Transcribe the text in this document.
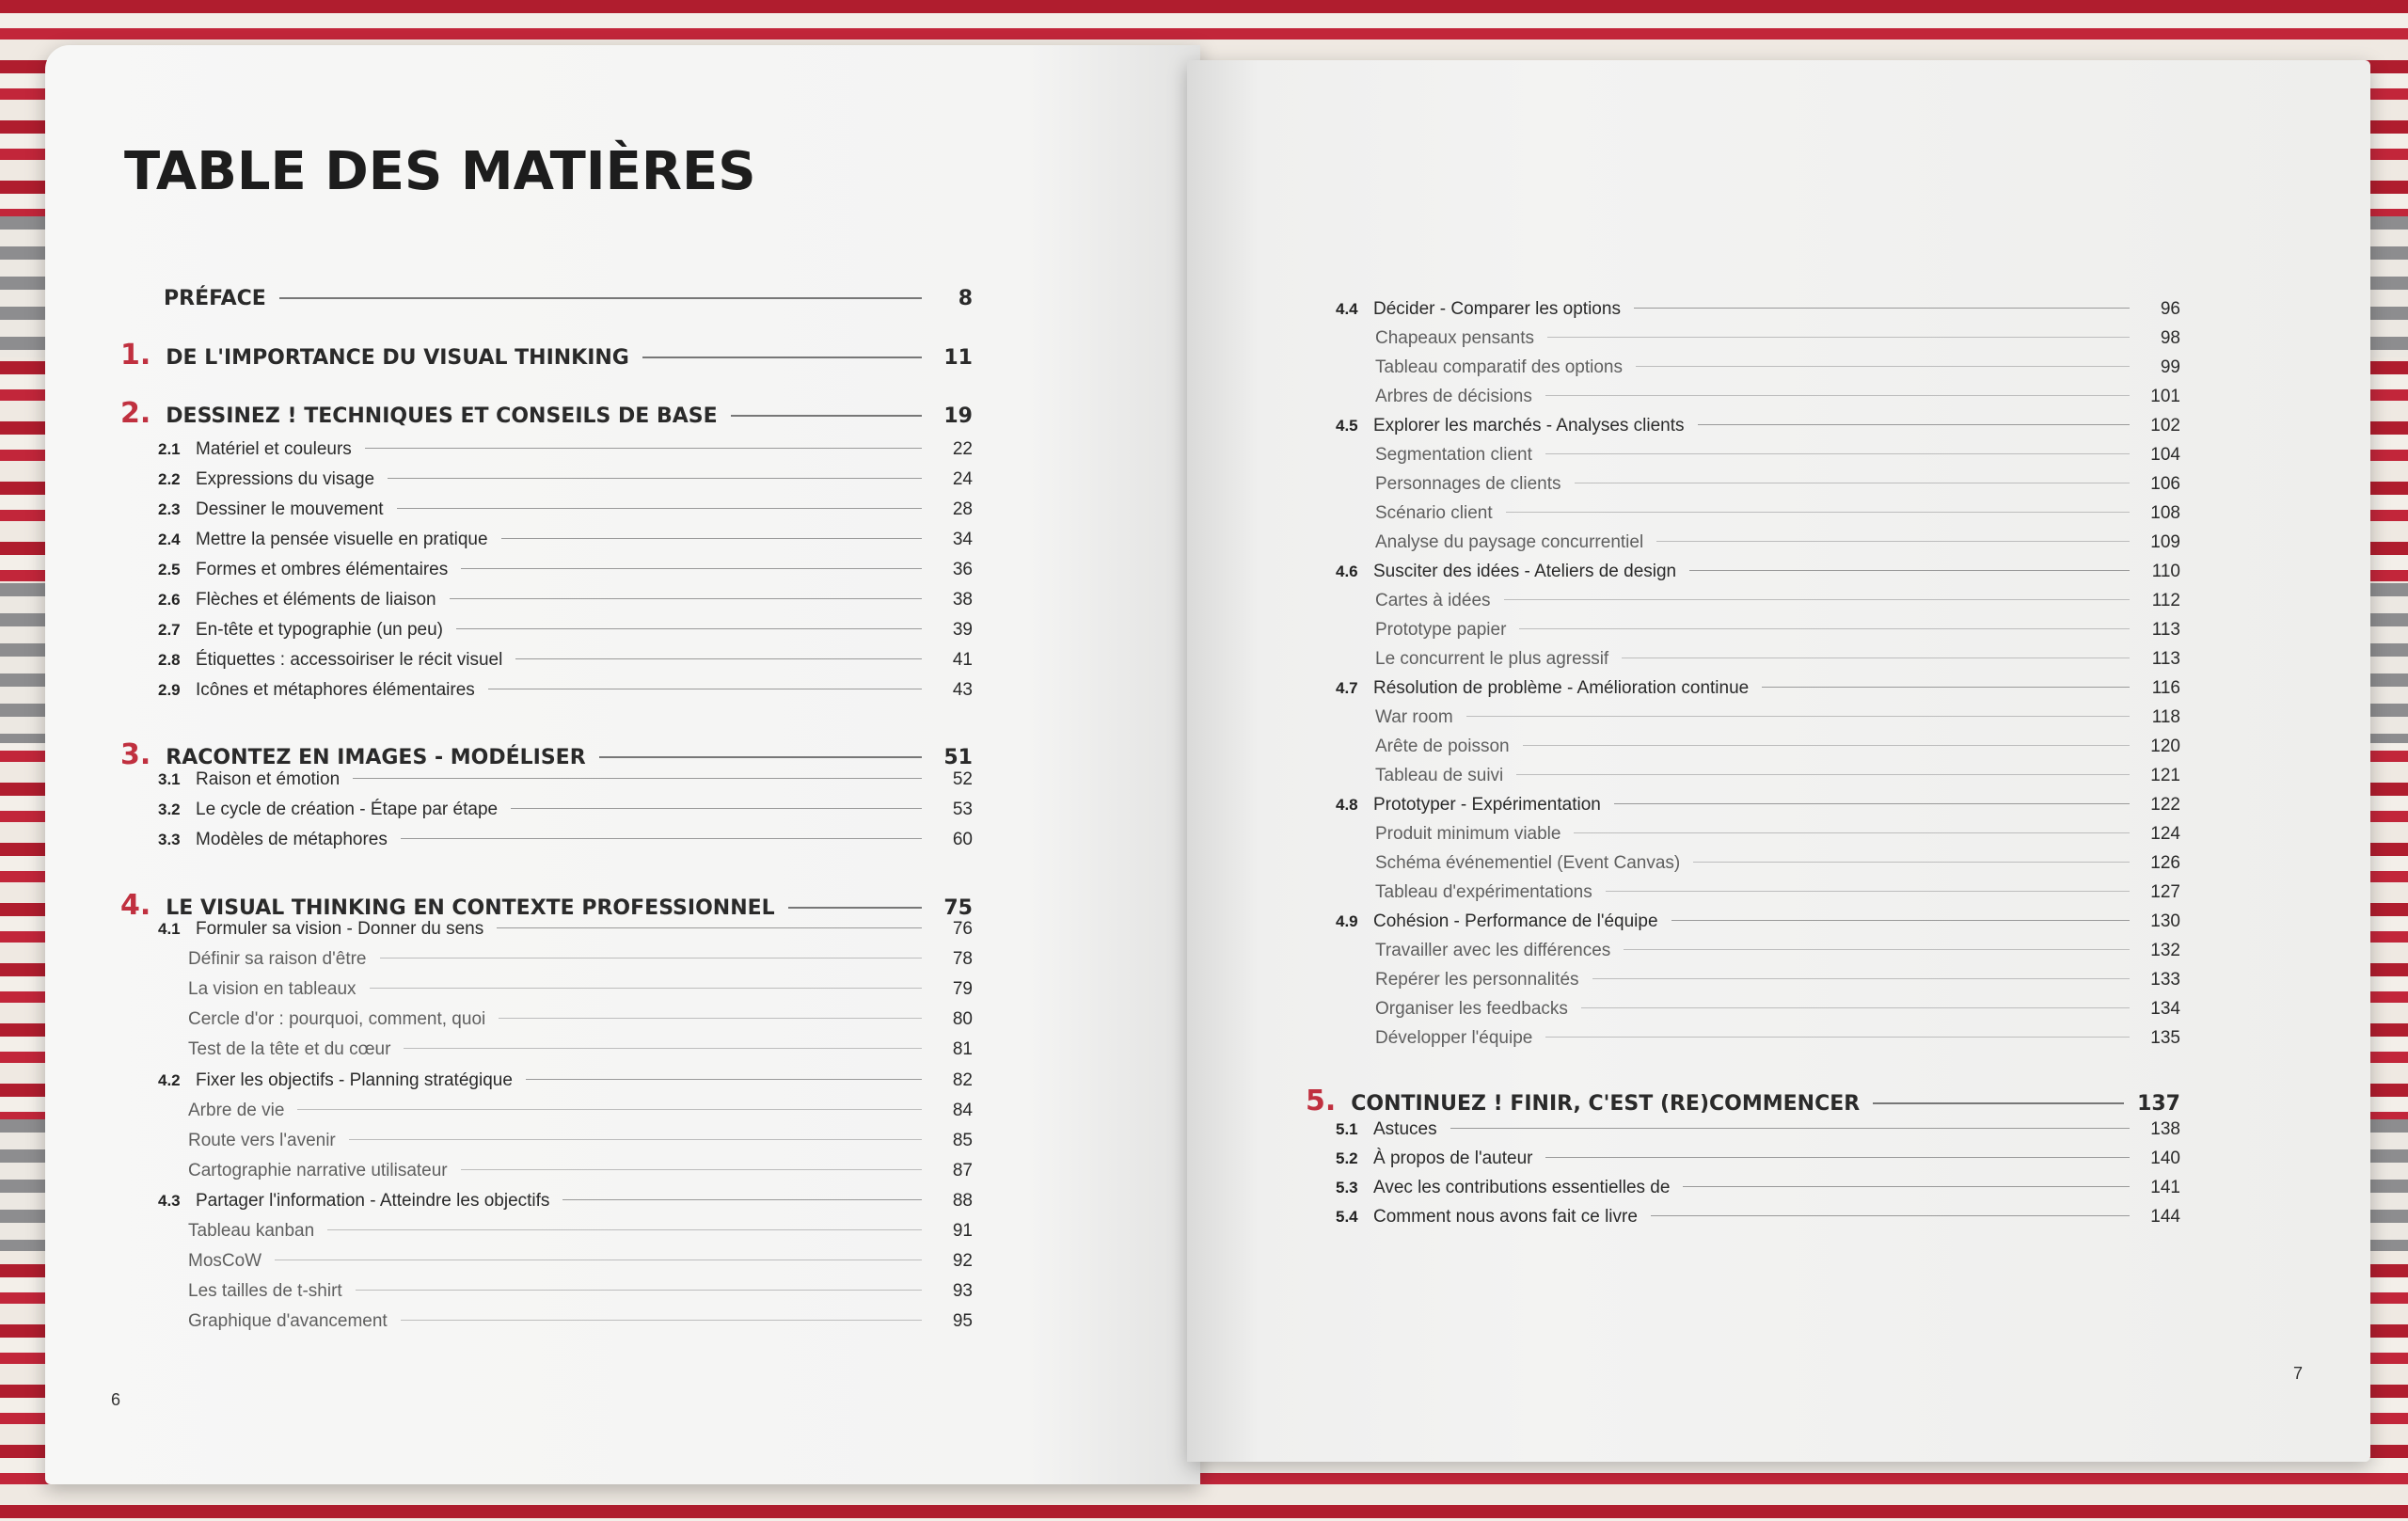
TABLE DES MATIÈRES
PRÉFACE	8
1. DE L'IMPORTANCE DU VISUAL THINKING	11
2. DESSINEZ ! TECHNIQUES ET CONSEILS DE BASE	19
2.1 Matériel et couleurs	22
2.2 Expressions du visage	24
2.3 Dessiner le mouvement	28
2.4 Mettre la pensée visuelle en pratique	34
2.5 Formes et ombres élémentaires	36
2.6 Flèches et éléments de liaison	38
2.7 En-tête et typographie (un peu)	39
2.8 Étiquettes : accessoiriser le récit visuel	41
2.9 Icônes et métaphores élémentaires	43
3. RACONTEZ EN IMAGES - MODÉLISER	51
3.1 Raison et émotion	52
3.2 Le cycle de création - Étape par étape	53
3.3 Modèles de métaphores	60
4. LE VISUAL THINKING EN CONTEXTE PROFESSIONNEL	75
4.1 Formuler sa vision - Donner du sens	76
Définir sa raison d'être	78
La vision en tableaux	79
Cercle d'or : pourquoi, comment, quoi	80
Test de la tête et du cœur	81
4.2 Fixer les objectifs - Planning stratégique	82
Arbre de vie	84
Route vers l'avenir	85
Cartographie narrative utilisateur	87
4.3 Partager l'information - Atteindre les objectifs	88
Tableau kanban	91
MosCoW	92
Les tailles de t-shirt	93
Graphique d'avancement	95
4.4 Décider - Comparer les options	96
Chapeaux pensants	98
Tableau comparatif des options	99
Arbres de décisions	101
4.5 Explorer les marchés - Analyses clients	102
Segmentation client	104
Personnages de clients	106
Scénario client	108
Analyse du paysage concurrentiel	109
4.6 Susciter des idées - Ateliers de design	110
Cartes à idées	112
Prototype papier	113
Le concurrent le plus agressif	113
4.7 Résolution de problème - Amélioration continue	116
War room	118
Arête de poisson	120
Tableau de suivi	121
4.8 Prototyper - Expérimentation	122
Produit minimum viable	124
Schéma événementiel (Event Canvas)	126
Tableau d'expérimentations	127
4.9 Cohésion - Performance de l'équipe	130
Travailler avec les différences	132
Repérer les personnalités	133
Organiser les feedbacks	134
Développer l'équipe	135
5. CONTINUEZ ! FINIR, C'EST (RE)COMMENCER	137
5.1 Astuces	138
5.2 À propos de l'auteur	140
5.3 Avec les contributions essentielles de	141
5.4 Comment nous avons fait ce livre	144
6
7
